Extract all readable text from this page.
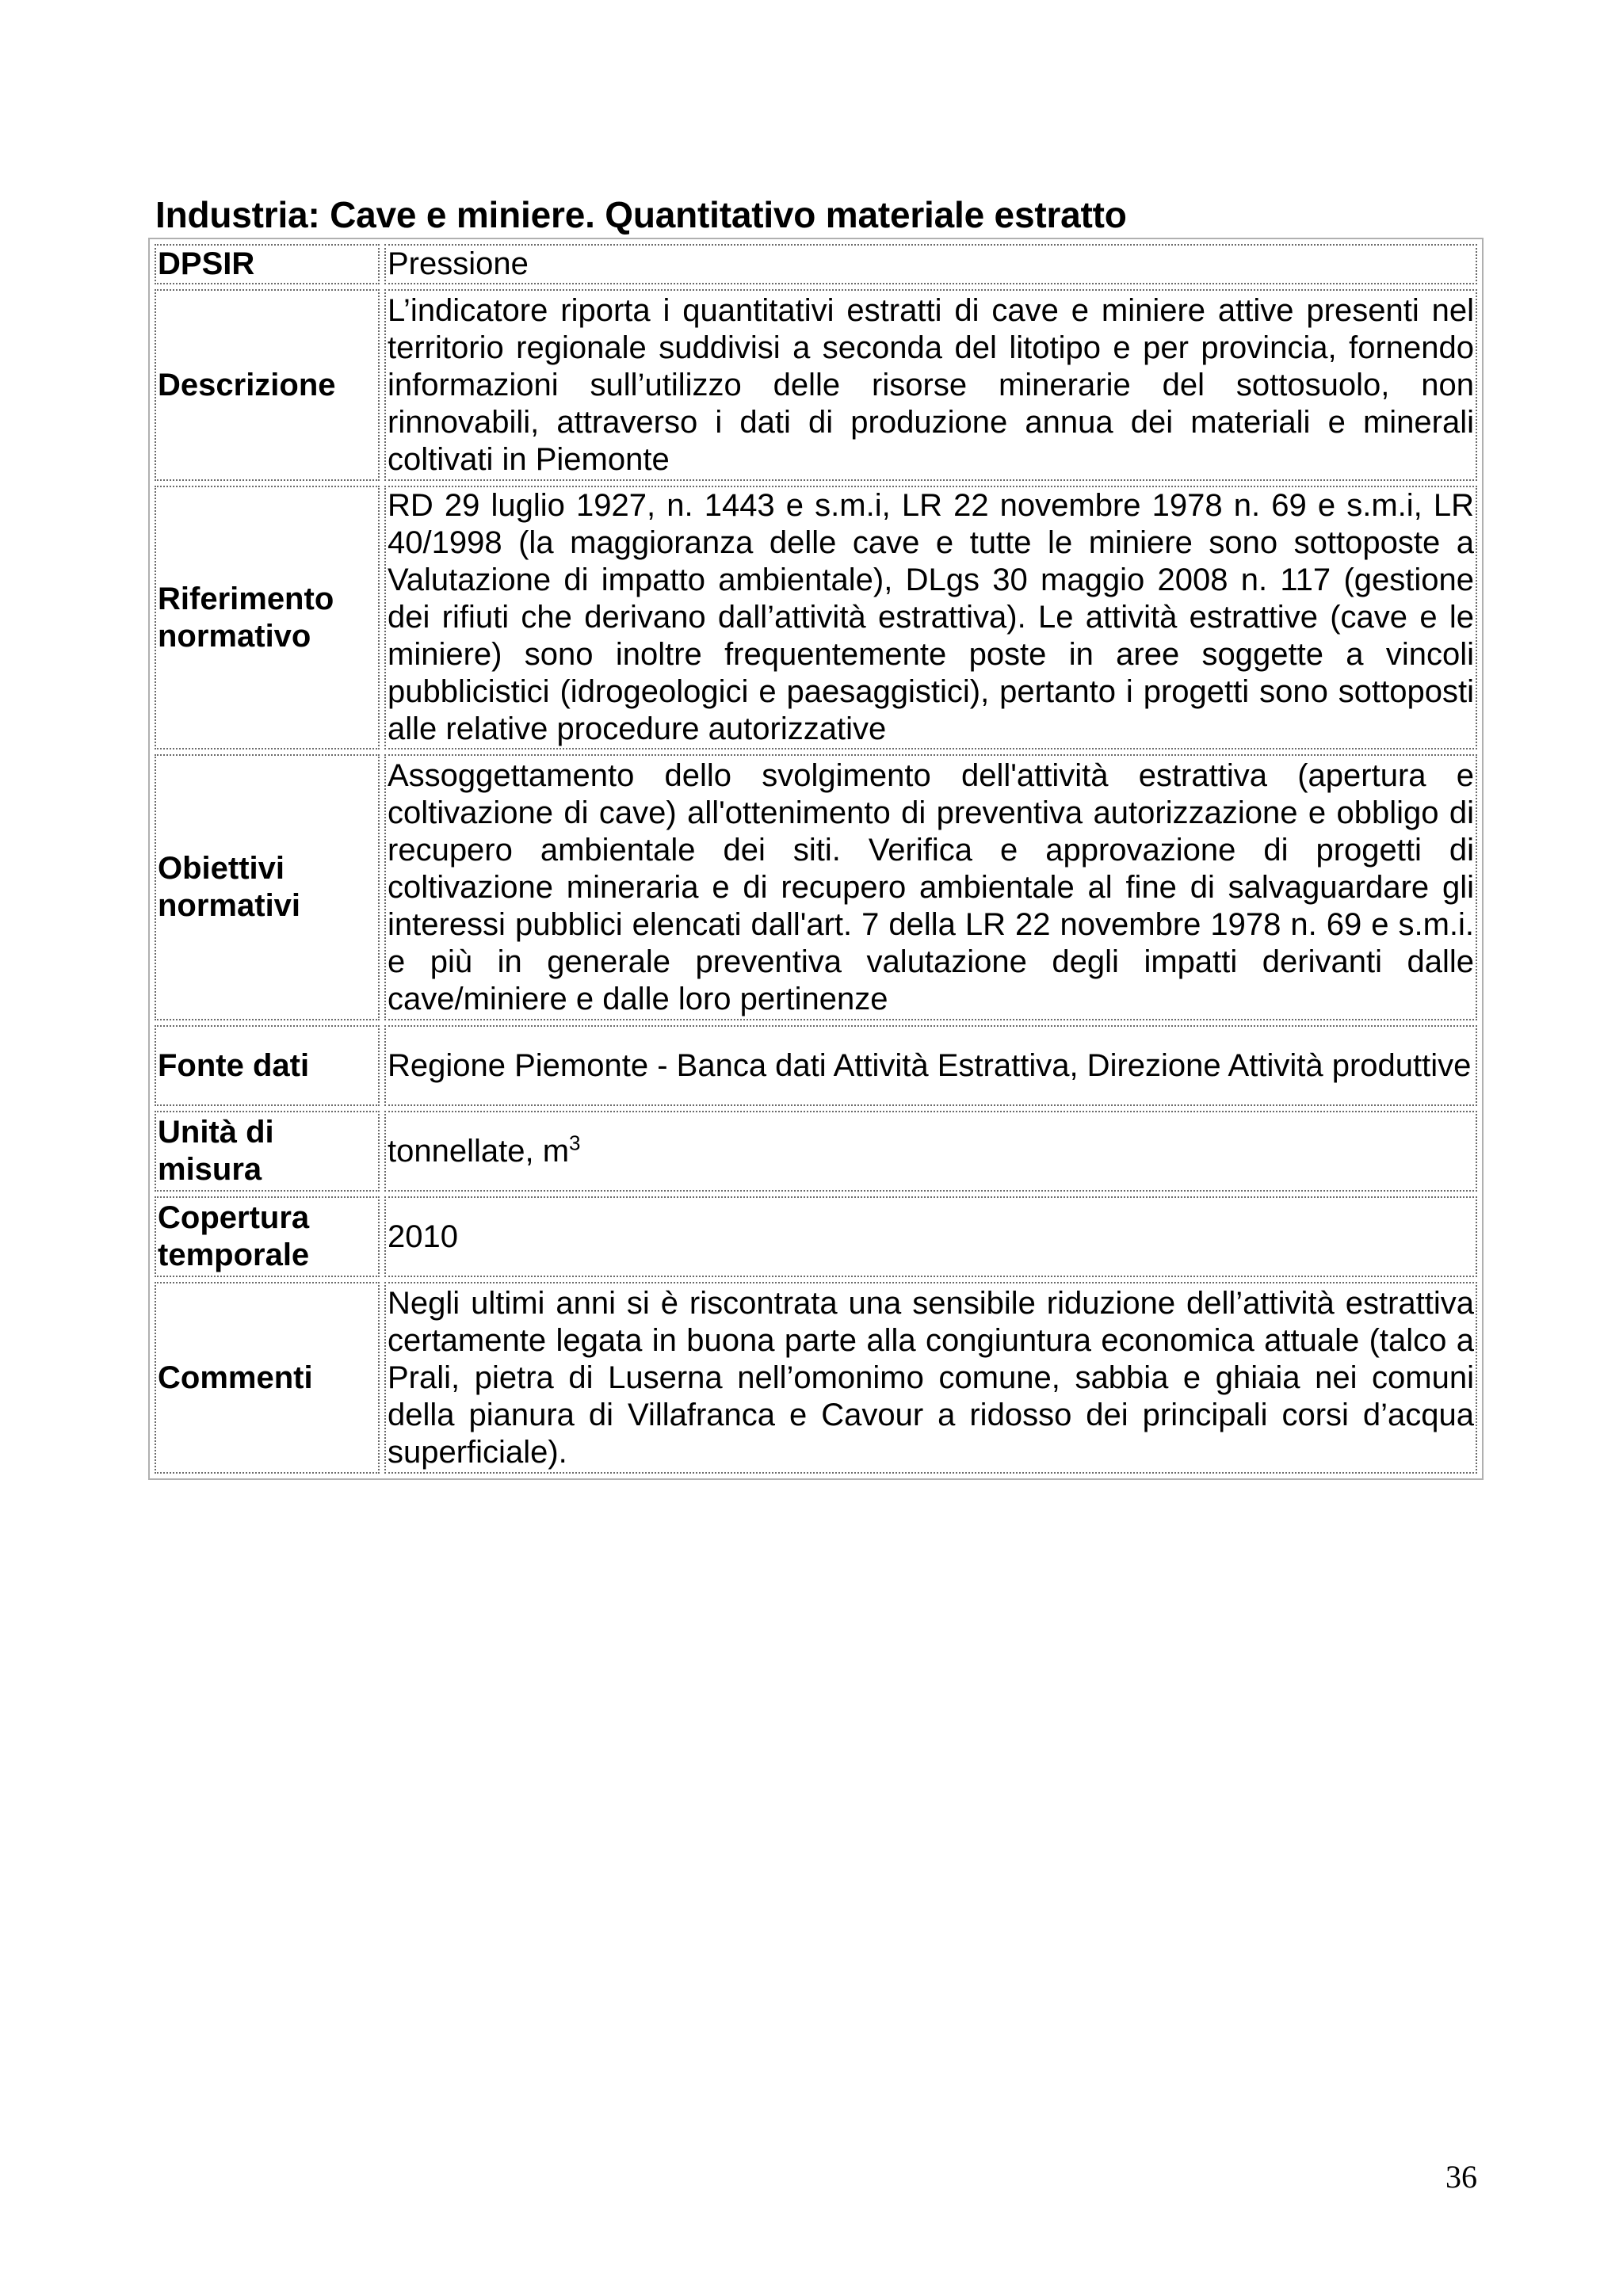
Industria: Cave e miniere. Quantitativo materiale estratto
DPSIR	Pressione
Descrizione	L’indicatore riporta i quantitativi estratti di cave e miniere attive presenti nel territorio regionale suddivisi a seconda del litotipo e per provincia, fornendo informazioni sull’utilizzo delle risorse minerarie del sottosuolo, non rinnovabili, attraverso i dati di produzione annua dei materiali e minerali coltivati in Piemonte
Riferimento normativo	RD 29 luglio 1927, n. 1443 e s.m.i, LR 22 novembre 1978 n. 69 e s.m.i, LR 40/1998 (la maggioranza delle cave e tutte le miniere sono sottoposte a Valutazione di impatto ambientale), DLgs 30 maggio 2008 n. 117 (gestione dei rifiuti che derivano dall’attività estrattiva). Le attività estrattive (cave e le miniere) sono inoltre frequentemente poste in aree soggette a vincoli pubblicistici (idrogeologici e paesaggistici), pertanto i progetti sono sottoposti alle relative procedure autorizzative
Obiettivi normativi	Assoggettamento dello svolgimento dell'attività estrattiva (apertura e coltivazione di cave) all'ottenimento di preventiva autorizzazione e obbligo di recupero ambientale dei siti. Verifica e approvazione di progetti di coltivazione mineraria e di recupero ambientale al fine di salvaguardare gli interessi pubblici elencati dall'art. 7 della LR 22 novembre 1978 n. 69 e s.m.i. e più in generale preventiva valutazione degli impatti derivanti dalle cave/miniere e dalle loro pertinenze
Fonte dati	Regione Piemonte - Banca dati Attività Estrattiva, Direzione Attività produttive
Unità di misura	tonnellate, $m^3$
Copertura temporale	2010
Commenti	Negli ultimi anni si è riscontrata una sensibile riduzione dell’attività estrattiva certamente legata in buona parte alla congiuntura economica attuale (talco a Prali, pietra di Luserna nell’omonimo comune, sabbia e ghiaia nei comuni della pianura di Villafranca e Cavour a ridosso dei principali corsi d’acqua superficiale).
36
